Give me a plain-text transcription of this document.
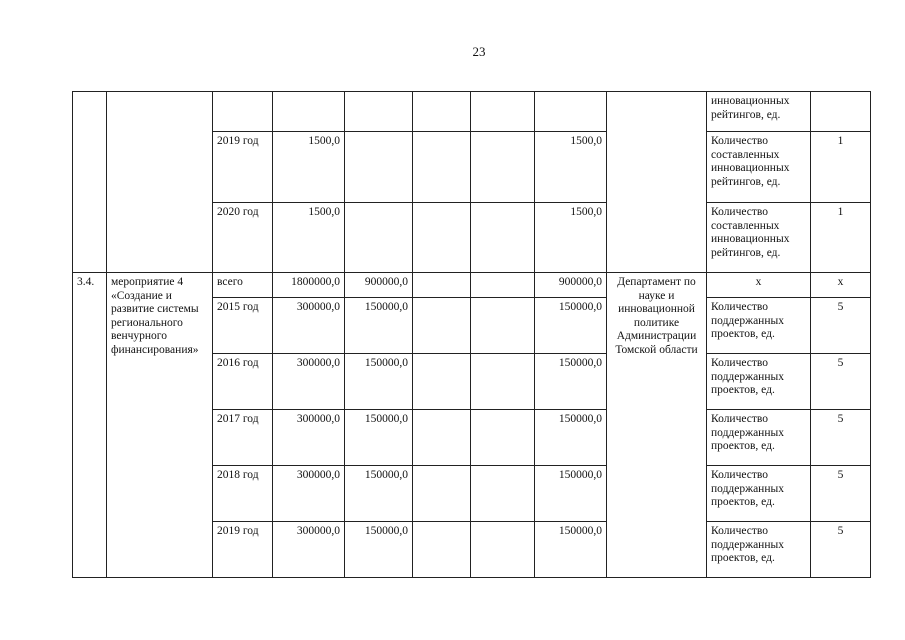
23
									инновационных рейтингов, ед.	
		2019 год	1500,0				1500,0		Количество составленных инновационных рейтингов, ед.	1
		2020 год	1500,0				1500,0		Количество составленных инновационных рейтингов, ед.	1
3.4.	мероприятие 4 «Создание и развитие системы регионального венчурного финансирования»	всего	1800000,0	900000,0			900000,0	Департамент по науке и инновационной политике Администрации Томской области	х	х
		2015 год	300000,0	150000,0			150000,0		Количество поддержанных проектов, ед.	5
		2016 год	300000,0	150000,0			150000,0		Количество поддержанных проектов, ед.	5
		2017 год	300000,0	150000,0			150000,0		Количество поддержанных проектов, ед.	5
		2018 год	300000,0	150000,0			150000,0		Количество поддержанных проектов, ед.	5
		2019 год	300000,0	150000,0			150000,0		Количество поддержанных проектов, ед.	5
